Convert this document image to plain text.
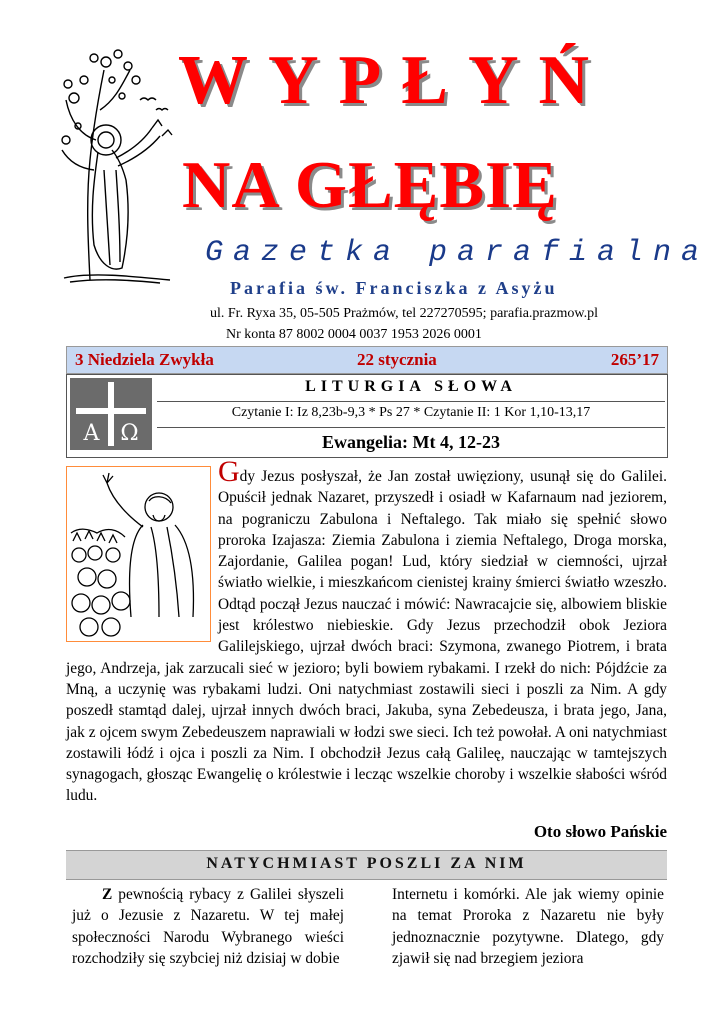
WYPŁYŃ
NA GŁĘBIĘ
Gazetka parafialna
Parafia św. Franciszka z Asyżu
ul. Fr. Ryxa 35, 05-505 Prażmów, tel 227270595; parafia.prazmow.pl
Nr konta 87 8002 0004 0037 1953 2026 0001
3 Niedziela Zwykła	22 stycznia	265’17
A Ω
LITURGIA SŁOWA
Czytanie I: Iz 8,23b-9,3 * Ps 27 * Czytanie II: 1 Kor 1,10-13,17
Ewangelia: Mt 4, 12-23
Gdy Jezus posłyszał, że Jan został uwięziony, usunął się do Galilei. Opuścił jednak Nazaret, przyszedł i osiadł w Kafarnaum nad jeziorem, na pograniczu Zabulona i Neftalego. Tak miało się spełnić słowo proroka Izajasza: Ziemia Zabulona i ziemia Neftalego, Droga morska, Zajordanie, Galilea pogan! Lud, który siedział w ciemności, ujrzał światło wielkie, i mieszkańcom cienistej krainy śmierci światło wzeszło. Odtąd począł Jezus nauczać i mówić: Nawracajcie się, albowiem bliskie jest królestwo niebieskie. Gdy Jezus przechodził obok Jeziora Galilejskiego, ujrzał dwóch braci: Szymona, zwanego Piotrem, i brata jego, Andrzeja, jak zarzucali sieć w jezioro; byli bowiem rybakami. I rzekł do nich: Pójdźcie za Mną, a uczynię was rybakami ludzi. Oni natychmiast zostawili sieci i poszli za Nim. A gdy poszedł stamtąd dalej, ujrzał innych dwóch braci, Jakuba, syna Zebedeusza, i brata jego, Jana, jak z ojcem swym Zebedeuszem naprawiali w łodzi swe sieci. Ich też powołał. A oni natychmiast zostawili łódź i ojca i poszli za Nim. I obchodził Jezus całą Galileę, nauczając w tamtejszych synagogach, głosząc Ewangelię o królestwie i lecząc wszelkie choroby i wszelkie słabości wśród ludu.
Oto słowo Pańskie
NATYCHMIAST POSZLI ZA NIM
Z pewnością rybacy z Galilei słyszeli już o Jezusie z Nazaretu. W tej małej społeczności Narodu Wybranego wieści rozchodziły się szybciej niż dzisiaj w dobie
Internetu i komórki. Ale jak wiemy opinie na temat Proroka z Nazaretu nie były jednoznacznie pozytywne. Dlatego, gdy zjawił się nad brzegiem jeziora
